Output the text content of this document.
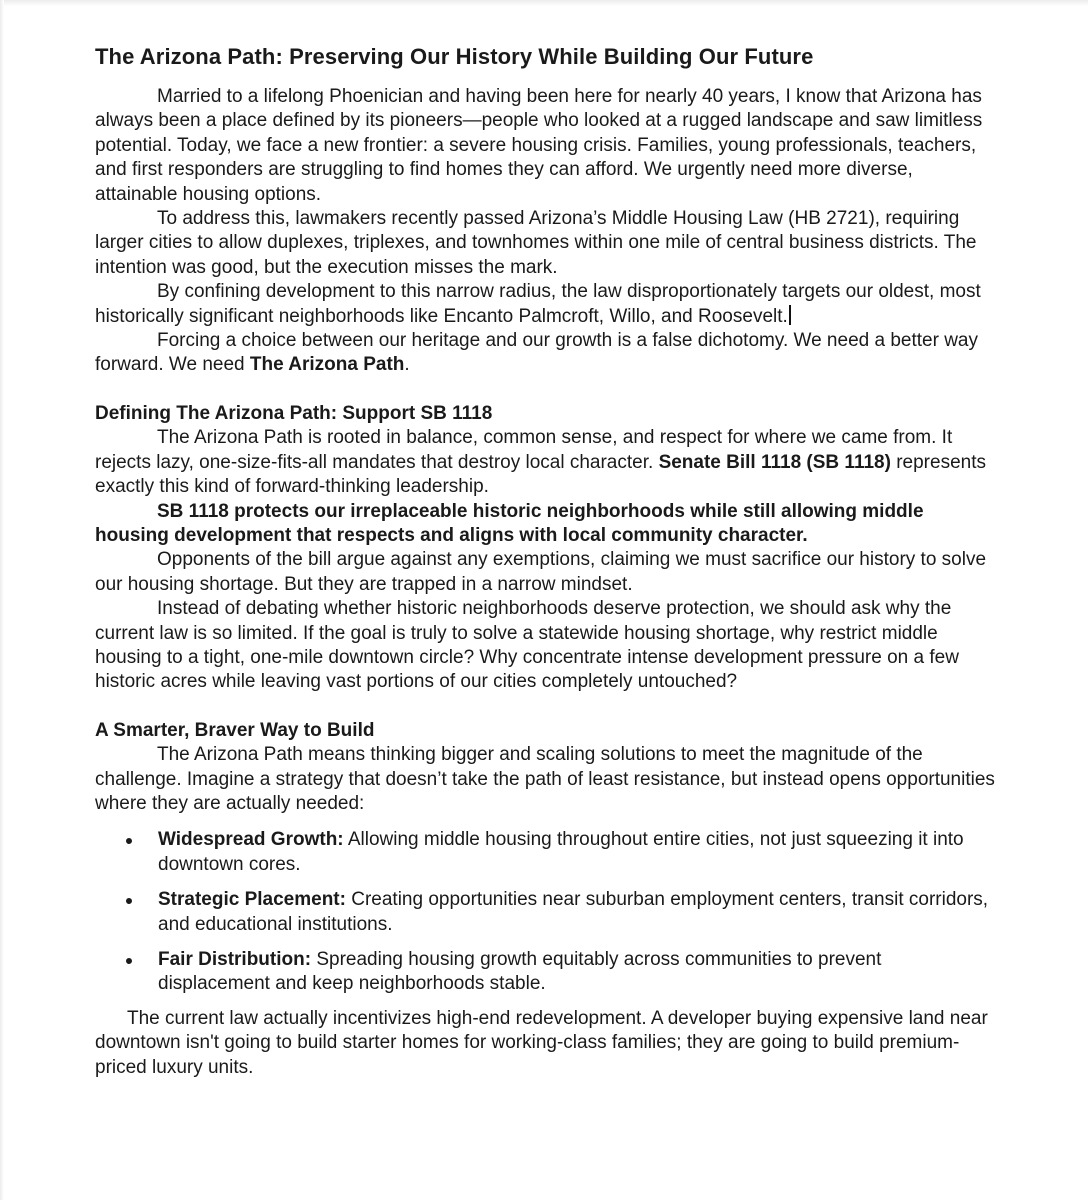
The Arizona Path: Preserving Our History While Building Our Future

Married to a lifelong Phoenician and having been here for nearly 40 years, I know that Arizona has always been a place defined by its pioneers—people who looked at a rugged landscape and saw limitless potential. Today, we face a new frontier: a severe housing crisis. Families, young professionals, teachers, and first responders are struggling to find homes they can afford. We urgently need more diverse, attainable housing options.

To address this, lawmakers recently passed Arizona’s Middle Housing Law (HB 2721), requiring larger cities to allow duplexes, triplexes, and townhomes within one mile of central business districts. The intention was good, but the execution misses the mark.

By confining development to this narrow radius, the law disproportionately targets our oldest, most historically significant neighborhoods like Encanto Palmcroft, Willo, and Roosevelt.

Forcing a choice between our heritage and our growth is a false dichotomy. We need a better way forward. We need The Arizona Path.

Defining The Arizona Path: Support SB 1118

The Arizona Path is rooted in balance, common sense, and respect for where we came from. It rejects lazy, one-size-fits-all mandates that destroy local character. Senate Bill 1118 (SB 1118) represents exactly this kind of forward-thinking leadership.

SB 1118 protects our irreplaceable historic neighborhoods while still allowing middle housing development that respects and aligns with local community character.

Opponents of the bill argue against any exemptions, claiming we must sacrifice our history to solve our housing shortage. But they are trapped in a narrow mindset.

Instead of debating whether historic neighborhoods deserve protection, we should ask why the current law is so limited. If the goal is truly to solve a statewide housing shortage, why restrict middle housing to a tight, one-mile downtown circle? Why concentrate intense development pressure on a few historic acres while leaving vast portions of our cities completely untouched?

A Smarter, Braver Way to Build

The Arizona Path means thinking bigger and scaling solutions to meet the magnitude of the challenge. Imagine a strategy that doesn’t take the path of least resistance, but instead opens opportunities where they are actually needed:

Widespread Growth: Allowing middle housing throughout entire cities, not just squeezing it into downtown cores.
Strategic Placement: Creating opportunities near suburban employment centers, transit corridors, and educational institutions.
Fair Distribution: Spreading housing growth equitably across communities to prevent displacement and keep neighborhoods stable.

The current law actually incentivizes high-end redevelopment. A developer buying expensive land near downtown isn't going to build starter homes for working-class families; they are going to build premium-priced luxury units.
